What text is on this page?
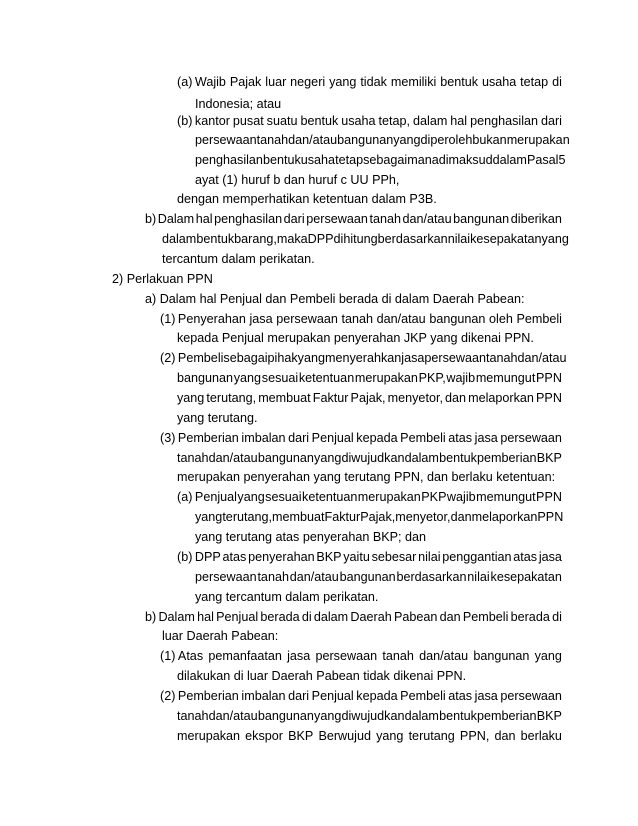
(a) Wajib Pajak luar negeri yang tidak memiliki bentuk usaha tetap di
Indonesia; atau
(b) kantor pusat suatu bentuk usaha tetap, dalam hal penghasilan dari
persewaan tanah dan/atau bangunan yang diperoleh bukan merupakan
penghasilan bentuk usaha tetap sebagaimana dimaksud dalam Pasal 5
ayat (1) huruf b dan huruf c UU PPh,
dengan memperhatikan ketentuan dalam P3B.
b) Dalam hal penghasilan dari persewaan tanah dan/atau bangunan diberikan
dalam bentuk barang, maka DPP dihitung berdasarkan nilai kesepakatan yang
tercantum dalam perikatan.
2) Perlakuan PPN
a) Dalam hal Penjual dan Pembeli berada di dalam Daerah Pabean:
(1) Penyerahan jasa persewaan tanah dan/atau bangunan oleh Pembeli
kepada Penjual merupakan penyerahan JKP yang dikenai PPN.
(2) Pembeli sebagai pihak yang menyerahkan jasa persewaan tanah dan/atau
bangunan yang sesuai ketentuan merupakan PKP, wajib memungut PPN
yang terutang, membuat Faktur Pajak, menyetor, dan melaporkan PPN
yang terutang.
(3) Pemberian imbalan dari Penjual kepada Pembeli atas jasa persewaan
tanah dan/atau bangunan yang diwujudkan dalam bentuk pemberian BKP
merupakan penyerahan yang terutang PPN, dan berlaku ketentuan:
(a) Penjual yang sesuai ketentuan merupakan PKP wajib memungut PPN
yang terutang, membuat Faktur Pajak, menyetor, dan melaporkan PPN
yang terutang atas penyerahan BKP; dan
(b) DPP atas penyerahan BKP yaitu sebesar nilai penggantian atas jasa
persewaan tanah dan/atau bangunan berdasarkan nilai kesepakatan
yang tercantum dalam perikatan.
b) Dalam hal Penjual berada di dalam Daerah Pabean dan Pembeli berada di
luar Daerah Pabean:
(1) Atas pemanfaatan jasa persewaan tanah dan/atau bangunan yang
dilakukan di luar Daerah Pabean tidak dikenai PPN.
(2) Pemberian imbalan dari Penjual kepada Pembeli atas jasa persewaan
tanah dan/atau bangunan yang diwujudkan dalam bentuk pemberian BKP
merupakan ekspor BKP Berwujud yang terutang PPN, dan berlaku
